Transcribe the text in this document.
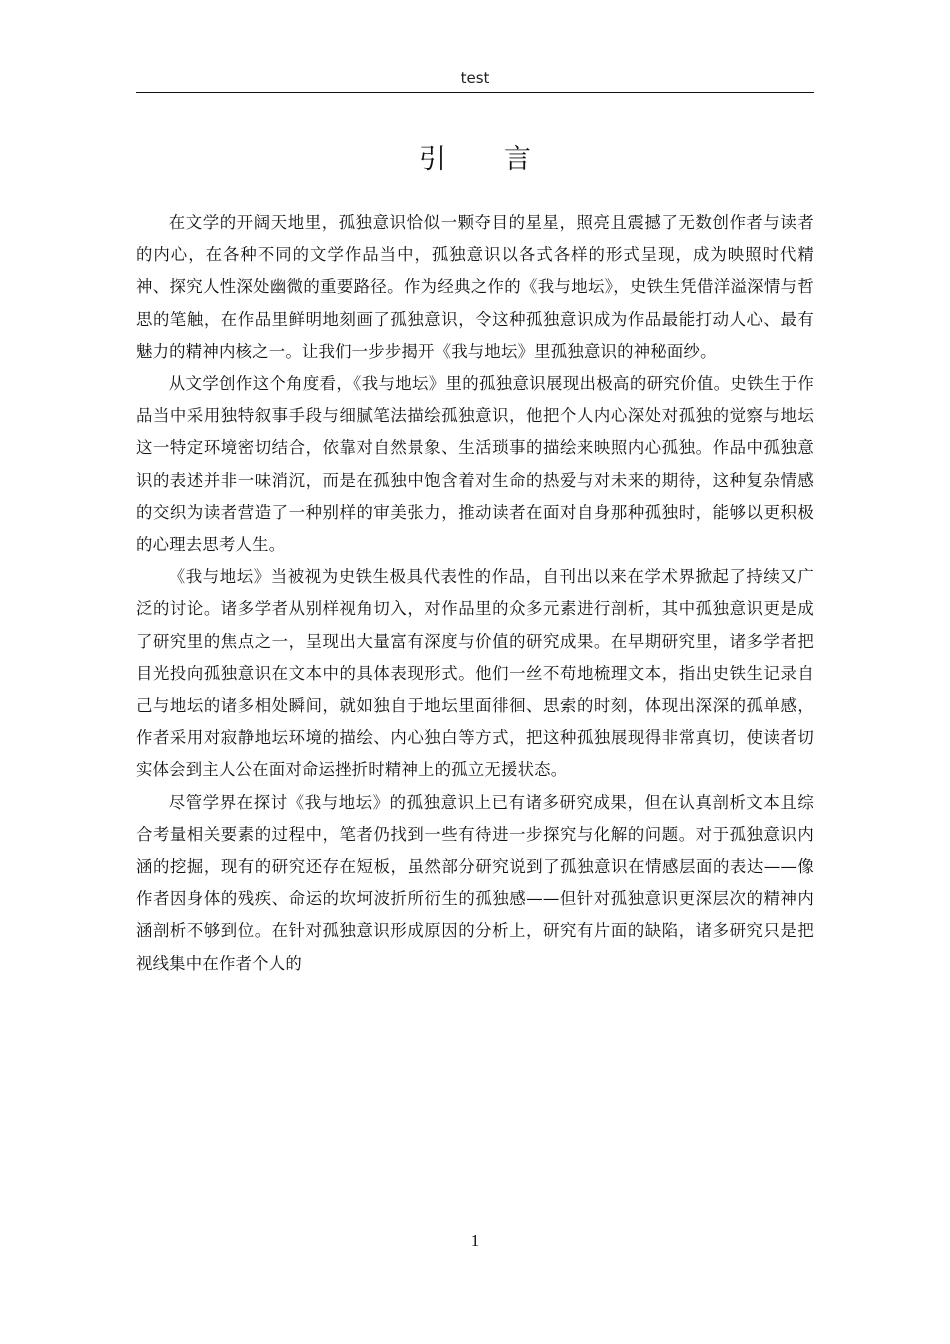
test
引言

在文学的开阔天地里，孤独意识恰似一颗夺目的星星，照亮且震撼了无数创作者与读者的内心，在各种不同的文学作品当中，孤独意识以各式各样的形式呈现，成为映照时代精神、探究人性深处幽微的重要路径。作为经典之作的《我与地坛》，史铁生凭借洋溢深情与哲思的笔触，在作品里鲜明地刻画了孤独意识，令这种孤独意识成为作品最能打动人心、最有魅力的精神内核之一。让我们一步步揭开《我与地坛》里孤独意识的神秘面纱。

从文学创作这个角度看，《我与地坛》里的孤独意识展现出极高的研究价值。史铁生于作品当中采用独特叙事手段与细腻笔法描绘孤独意识，他把个人内心深处对孤独的觉察与地坛这一特定环境密切结合，依靠对自然景象、生活琐事的描绘来映照内心孤独。作品中孤独意识的表述并非一味消沉，而是在孤独中饱含着对生命的热爱与对未来的期待，这种复杂情感的交织为读者营造了一种别样的审美张力，推动读者在面对自身那种孤独时，能够以更积极的心理去思考人生。

《我与地坛》当被视为史铁生极具代表性的作品，自刊出以来在学术界掀起了持续又广泛的讨论。诸多学者从别样视角切入，对作品里的众多元素进行剖析，其中孤独意识更是成了研究里的焦点之一，呈现出大量富有深度与价值的研究成果。在早期研究里，诸多学者把目光投向孤独意识在文本中的具体表现形式。他们一丝不苟地梳理文本，指出史铁生记录自己与地坛的诸多相处瞬间，就如独自于地坛里面徘徊、思索的时刻，体现出深深的孤单感，作者采用对寂静地坛环境的描绘、内心独白等方式，把这种孤独展现得非常真切，使读者切实体会到主人公在面对命运挫折时精神上的孤立无援状态。

尽管学界在探讨《我与地坛》的孤独意识上已有诸多研究成果，但在认真剖析文本且综合考量相关要素的过程中，笔者仍找到一些有待进一步探究与化解的问题。对于孤独意识内涵的挖掘，现有的研究还存在短板，虽然部分研究说到了孤独意识在情感层面的表达——像作者因身体的残疾、命运的坎坷波折所衍生的孤独感——但针对孤独意识更深层次的精神内涵剖析不够到位。在针对孤独意识形成原因的分析上，研究有片面的缺陷，诸多研究只是把视线集中在作者个人的

1
